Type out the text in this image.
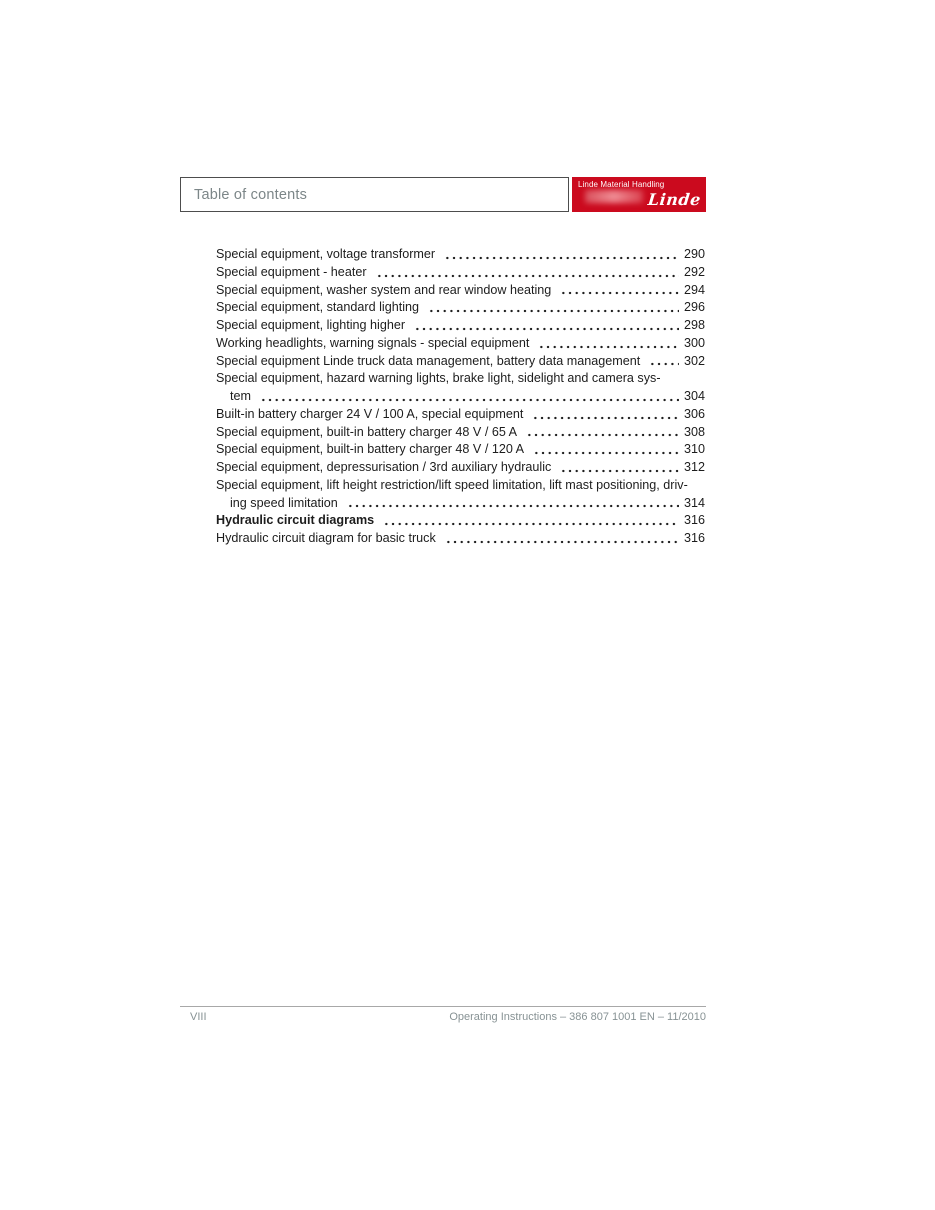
Table of contents
Linde Material Handling
Linde
Special equipment, voltage transformer	290
Special equipment - heater	292
Special equipment, washer system and rear window heating	294
Special equipment, standard lighting	296
Special equipment, lighting higher	298
Working headlights, warning signals - special equipment	300
Special equipment Linde truck data management, battery data management	302
Special equipment, hazard warning lights, brake light, sidelight and camera sys-
tem	304
Built-in battery charger 24 V / 100 A, special equipment	306
Special equipment, built-in battery charger 48 V / 65 A	308
Special equipment, built-in battery charger 48 V / 120 A	310
Special equipment, depressurisation / 3rd auxiliary hydraulic	312
Special equipment, lift height restriction/lift speed limitation, lift mast positioning, driv-
ing speed limitation	314
Hydraulic circuit diagrams	316
Hydraulic circuit diagram for basic truck	316
VIII	Operating Instructions – 386 807 1001 EN – 11/2010
